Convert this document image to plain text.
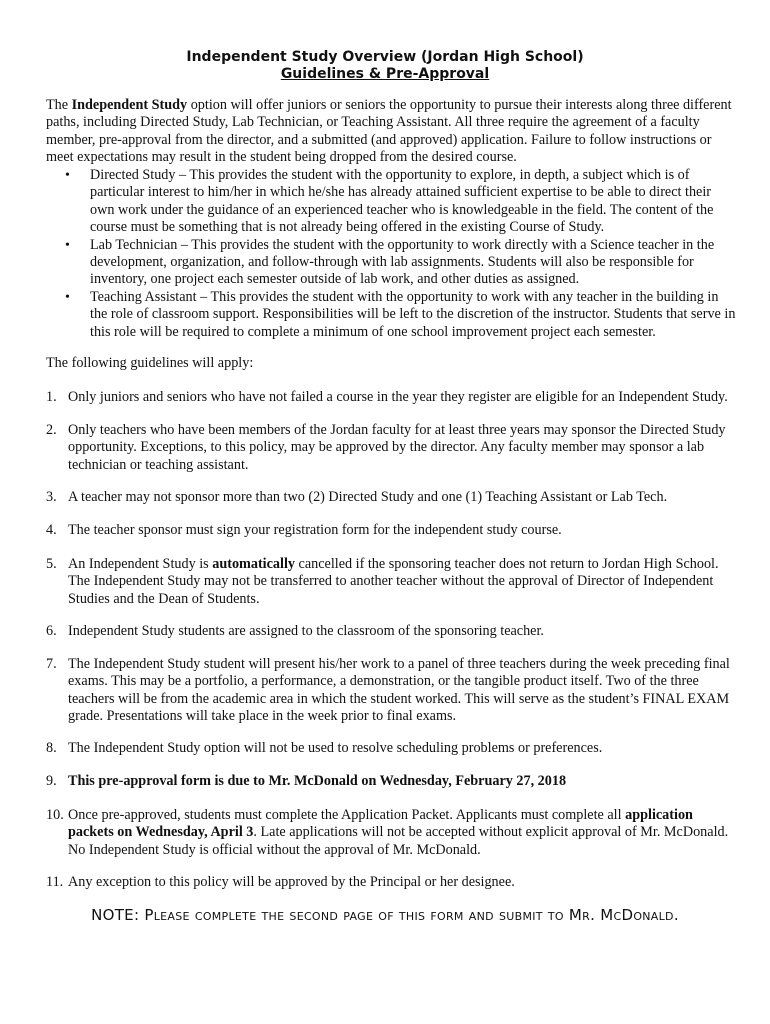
Independent Study Overview (Jordan High School)
Guidelines & Pre-Approval
The Independent Study option will offer juniors or seniors the opportunity to pursue their interests along three different paths, including Directed Study, Lab Technician, or Teaching Assistant. All three require the agreement of a faculty member, pre-approval from the director, and a submitted (and approved) application. Failure to follow instructions or meet expectations may result in the student being dropped from the desired course.
• Directed Study – This provides the student with the opportunity to explore, in depth, a subject which is of particular interest to him/her in which he/she has already attained sufficient expertise to be able to direct their own work under the guidance of an experienced teacher who is knowledgeable in the field. The content of the course must be something that is not already being offered in the existing Course of Study.
• Lab Technician – This provides the student with the opportunity to work directly with a Science teacher in the development, organization, and follow-through with lab assignments. Students will also be responsible for inventory, one project each semester outside of lab work, and other duties as assigned.
• Teaching Assistant – This provides the student with the opportunity to work with any teacher in the building in the role of classroom support. Responsibilities will be left to the discretion of the instructor. Students that serve in this role will be required to complete a minimum of one school improvement project each semester.
The following guidelines will apply:
1. Only juniors and seniors who have not failed a course in the year they register are eligible for an Independent Study.
2. Only teachers who have been members of the Jordan faculty for at least three years may sponsor the Directed Study opportunity. Exceptions, to this policy, may be approved by the director. Any faculty member may sponsor a lab technician or teaching assistant.
3. A teacher may not sponsor more than two (2) Directed Study and one (1) Teaching Assistant or Lab Tech.
4. The teacher sponsor must sign your registration form for the independent study course.
5. An Independent Study is automatically cancelled if the sponsoring teacher does not return to Jordan High School. The Independent Study may not be transferred to another teacher without the approval of Director of Independent Studies and the Dean of Students.
6. Independent Study students are assigned to the classroom of the sponsoring teacher.
7. The Independent Study student will present his/her work to a panel of three teachers during the week preceding final exams. This may be a portfolio, a performance, a demonstration, or the tangible product itself. Two of the three teachers will be from the academic area in which the student worked. This will serve as the student’s FINAL EXAM grade. Presentations will take place in the week prior to final exams.
8. The Independent Study option will not be used to resolve scheduling problems or preferences.
9. This pre-approval form is due to Mr. McDonald on Wednesday, February 27, 2018
10. Once pre-approved, students must complete the Application Packet. Applicants must complete all application packets on Wednesday, April 3. Late applications will not be accepted without explicit approval of Mr. McDonald. No Independent Study is official without the approval of Mr. McDonald.
11. Any exception to this policy will be approved by the Principal or her designee.
NOTE: Please complete the second page of this form and submit to Mr. McDonald.
